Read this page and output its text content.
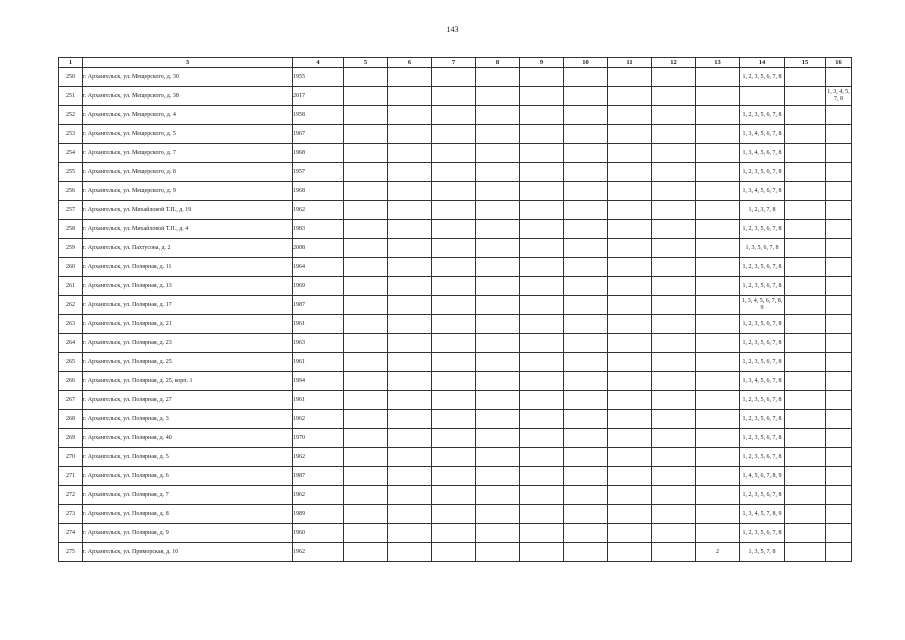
143
1	3	4	5	6	7	8	9	10	11	12	13	14	15	16
250	г. Архангельск, ул. Мещерского, д. 30	1955										1, 2, 3, 5, 6, 7, 8		
251	г. Архангельск, ул. Мещерского, д. 38	2017												1, 3, 4, 5, 7, 8
252	г. Архангельск, ул. Мещерского, д. 4	1958										1, 2, 3, 5, 6, 7, 8		
253	г. Архангельск, ул. Мещерского, д. 5	1967										1, 3, 4, 5, 6, 7, 8		
254	г. Архангельск, ул. Мещерского, д. 7	1968										1, 3, 4, 5, 6, 7, 8		
255	г. Архангельск, ул. Мещерского, д. 8	1957										1, 2, 3, 5, 6, 7, 8		
256	г. Архангельск, ул. Мещерского, д. 9	1968										1, 3, 4, 5, 6, 7, 8		
257	г. Архангельск, ул. Михайловой Т.П., д. 19	1962										1, 2, 3, 7, 8		
258	г. Архангельск, ул. Михайловой Т.П., д. 4	1983										1, 2, 3, 5, 6, 7, 8		
259	г. Архангельск, ул. Пахтусова, д. 2	2008										1, 3, 5, 6, 7, 8		
260	г. Архангельск, ул. Полярная, д. 11	1964										1, 2, 3, 5, 6, 7, 8		
261	г. Архангельск, ул. Полярная, д. 13	1969										1, 2, 3, 5, 6, 7, 8		
262	г. Архангельск, ул. Полярная, д. 17	1987										1, 3, 4, 5, 6, 7, 8, 9		
263	г. Архангельск, ул. Полярная, д. 21	1961										1, 2, 3, 5, 6, 7, 8		
264	г. Архангельск, ул. Полярная, д. 23	1963										1, 2, 3, 5, 6, 7, 8		
265	г. Архангельск, ул. Полярная, д. 25	1961										1, 2, 3, 5, 6, 7, 8		
266	г. Архангельск, ул. Полярная, д. 25, корп. 1	1994										1, 3, 4, 5, 6, 7, 8		
267	г. Архангельск, ул. Полярная, д. 27	1961										1, 2, 3, 5, 6, 7, 8		
268	г. Архангельск, ул. Полярная, д. 3	1962										1, 2, 3, 5, 6, 7, 8		
269	г. Архангельск, ул. Полярная, д. 40	1970										1, 2, 3, 5, 6, 7, 8		
270	г. Архангельск, ул. Полярная, д. 5	1962										1, 2, 3, 5, 6, 7, 8		
271	г. Архангельск, ул. Полярная, д. 6	1987										1, 4, 5, 6, 7, 8, 9		
272	г. Архангельск, ул. Полярная, д. 7	1962										1, 2, 3, 5, 6, 7, 8		
273	г. Архангельск, ул. Полярная, д. 8	1989										1, 3, 4, 5, 7, 8, 9		
274	г. Архангельск, ул. Полярная, д. 9	1960										1, 2, 3, 5, 6, 7, 8		
275	г. Архангельск, ул. Приморская, д. 10	1962									2	1, 3, 5, 7, 8		
